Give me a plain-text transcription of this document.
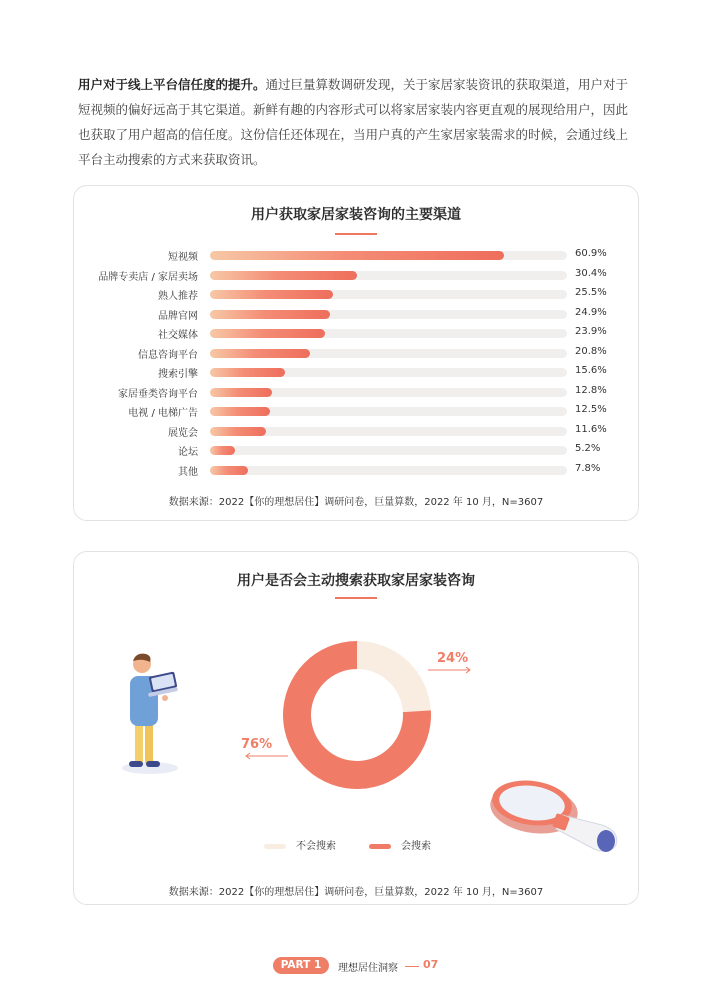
用户对于线上平台信任度的提升。通过巨量算数调研发现，关于家居家装资讯的获取渠道，用户对于短视频的偏好远高于其它渠道。新鲜有趣的内容形式可以将家居家装内容更直观的展现给用户，因此也获取了用户超高的信任度。这份信任还体现在，当用户真的产生家居家装需求的时候，会通过线上平台主动搜索的方式来获取资讯。
用户获取家居家装咨询的主要渠道
短视频	60.9%
品牌专卖店 / 家居卖场	30.4%
熟人推荐	25.5%
品牌官网	24.9%
社交媒体	23.9%
信息咨询平台	20.8%
搜索引擎	15.6%
家居垂类咨询平台	12.8%
电视 / 电梯广告	12.5%
展览会	11.6%
论坛	5.2%
其他	7.8%
数据来源：2022【你的理想居住】调研问卷，巨量算数，2022 年 10 月，N=3607
用户是否会主动搜索获取家居家装咨询
24%
76%
不会搜索	会搜索
数据来源：2022【你的理想居住】调研问卷，巨量算数，2022 年 10 月，N=3607
PART 1	理想居住洞察 07
